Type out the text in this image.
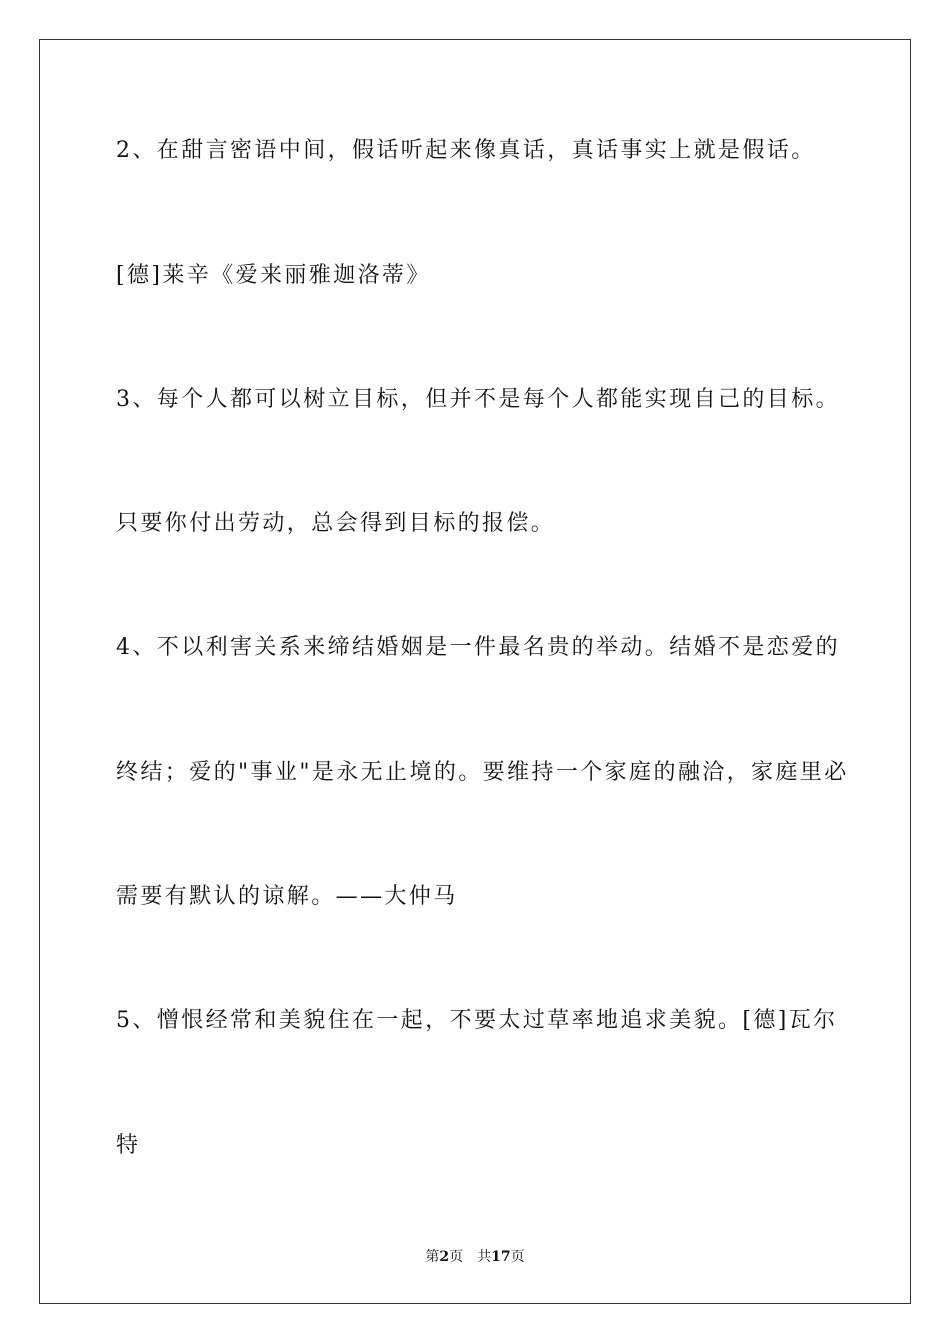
2、在甜言密语中间，假话听起来像真话，真话事实上就是假话。
[德]莱辛《爱来丽雅迦洛蒂》
3、每个人都可以树立目标，但并不是每个人都能实现自己的目标。
只要你付出劳动，总会得到目标的报偿。
4、不以利害关系来缔结婚姻是一件最名贵的举动。结婚不是恋爱的
终结；爱的"事业"是永无止境的。要维持一个家庭的融洽，家庭里必
需要有默认的谅解。——大仲马
5、憎恨经常和美貌住在一起，不要太过草率地追求美貌。[德]瓦尔
特
第2页 共17页
